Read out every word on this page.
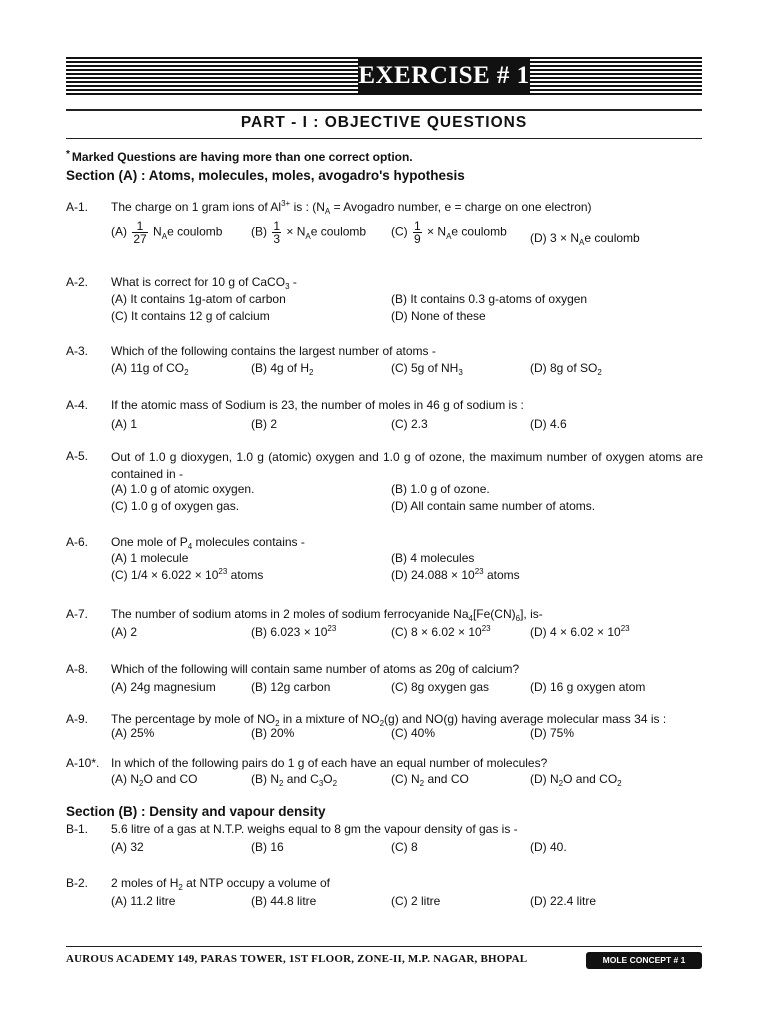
EXERCISE # 1
PART - I : OBJECTIVE QUESTIONS
* Marked Questions are having more than one correct option.
Section (A) : Atoms, molecules, moles, avogadro's hypothesis
A-1. The charge on 1 gram ions of $Al^{3+}$ is : ($N_A$ = Avogadro number, e = charge on one electron)
$(A) \frac{1}{27} N_Ae$ coulomb $(B) \frac{1}{3} \times N_Ae$ coulomb $(C) \frac{1}{9} \times N_Ae$ coulomb (D) $3 \times N_Ae$ coulomb
A-2. What is correct for 10 g of CaCO$_3$ -
(A) It contains 1g-atom of carbon	(B) It contains 0.3 g-atoms of oxygen
(C) It contains 12 g of calcium	(D) None of these
A-3. Which of the following contains the largest number of atoms -
(A) 11g of $CO_2$	(B) 4g of $H_2$	(C) 5g of $NH_3$	(D) 8g of $SO_2$
A-4. If the atomic mass of Sodium is 23, the number of moles in 46 g of sodium is :
(A) 1	(B) 2	(C) 2.3	(D) 4.6
A-5. Out of 1.0 g dioxygen, 1.0 g (atomic) oxygen and 1.0 g of ozone, the maximum number of oxygen atoms are contained in -
(A) 1.0 g of atomic oxygen.	(B) 1.0 g of ozone.
(C) 1.0 g of oxygen gas.	(D) All contain same number of atoms.
A-6. One mole of $P_4$ molecules contains -
(A) 1 molecule	(B) 4 molecules
(C) $1/4 \times 6.022 \times 10^{23}$ atoms	(D) $24.088 \times 10^{23}$ atoms
A-7. The number of sodium atoms in 2 moles of sodium ferrocyanide $Na_4[Fe(CN)_6]$, is-
(A) 2	(B) $6.023 \times 10^{23}$	(C) $8 \times 6.02 \times 10^{23}$	(D) $4 \times 6.02 \times 10^{23}$
A-8. Which of the following will contain same number of atoms as 20g of calcium?
(A) 24g magnesium	(B) 12g carbon	(C) 8g oxygen gas	(D) 16 g oxygen atom
A-9. The percentage by mole of $NO_2$ in a mixture of $NO_2(g)$ and NO(g) having average molecular mass 34 is :
(A) 25%	(B) 20%	(C) 40%	(D) 75%
A-10*. In which of the following pairs do 1 g of each have an equal number of molecules?
(A) $N_2O$ and CO	(B) $N_2$ and $C_3O_2$	(C) $N_2$ and CO	(D) $N_2O$ and $CO_2$
Section (B) : Density and vapour density
B-1. 5.6 litre of a gas at N.T.P. weighs equal to 8 gm the vapour density of gas is -
(A) 32	(B) 16	(C) 8	(D) 40.
B-2. 2 moles of $H_2$ at NTP occupy a volume of
(A) 11.2 litre	(B) 44.8 litre	(C) 2 litre	(D) 22.4 litre
AUROUS ACADEMY 149, PARAS TOWER, 1ST FLOOR, ZONE-II, M.P. NAGAR, BHOPAL	MOLE CONCEPT # 1
